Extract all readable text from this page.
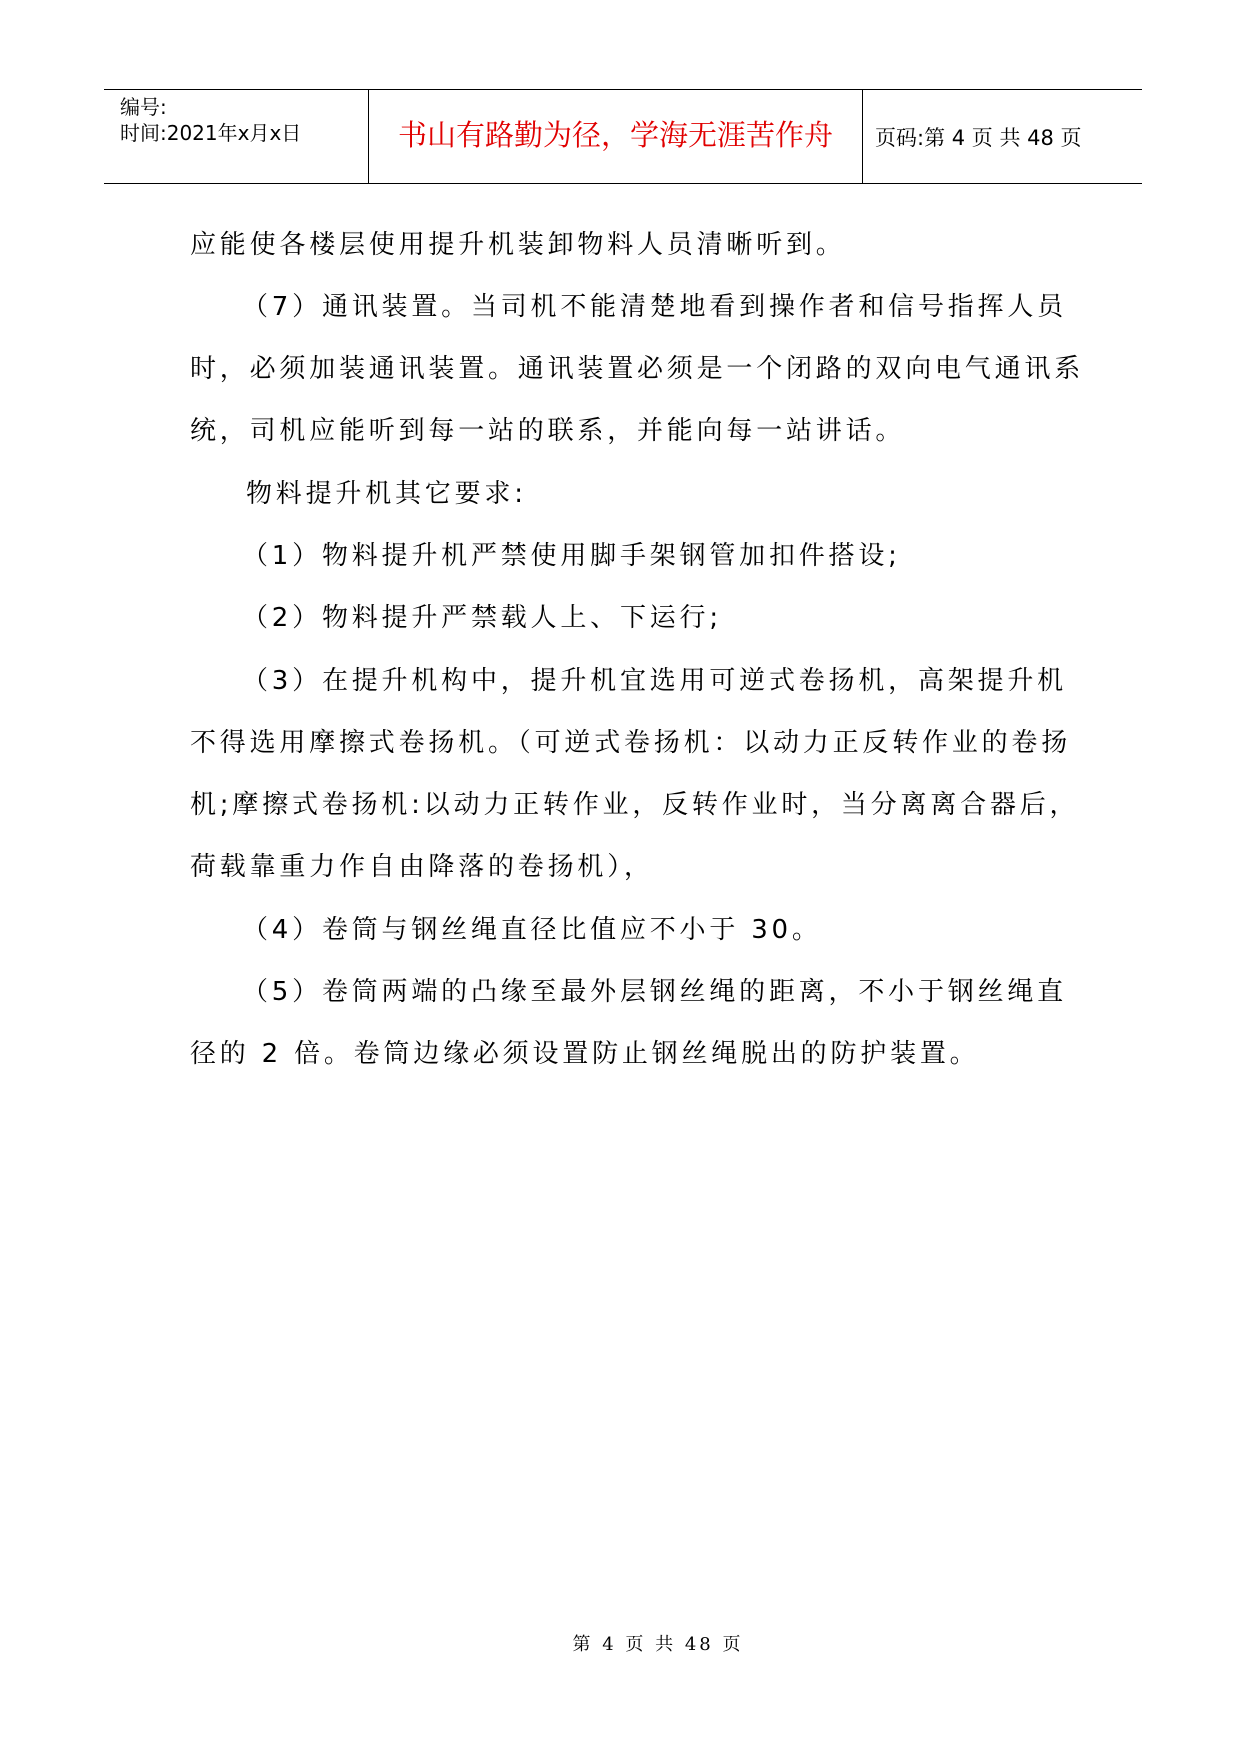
编号:
时间:2021年x月x日	书山有路勤为径，学海无涯苦作舟	页码:第 4 页 共 48 页
应能使各楼层使用提升机装卸物料人员清晰听到。
（7）通讯装置。当司机不能清楚地看到操作者和信号指挥人员
时，必须加装通讯装置。通讯装置必须是一个闭路的双向电气通讯系
统，司机应能听到每一站的联系，并能向每一站讲话。
物料提升机其它要求:
（1）物料提升机严禁使用脚手架钢管加扣件搭设;
（2）物料提升严禁载人上、下运行;
（3）在提升机构中，提升机宜选用可逆式卷扬机，高架提升机
不得选用摩擦式卷扬机。（可逆式卷扬机：以动力正反转作业的卷扬
机;摩擦式卷扬机:以动力正转作业，反转作业时，当分离离合器后，
荷载靠重力作自由降落的卷扬机），
（4）卷筒与钢丝绳直径比值应不小于 30。
（5）卷筒两端的凸缘至最外层钢丝绳的距离，不小于钢丝绳直
径的 2 倍。卷筒边缘必须设置防止钢丝绳脱出的防护装置。
第 4 页 共 48 页
